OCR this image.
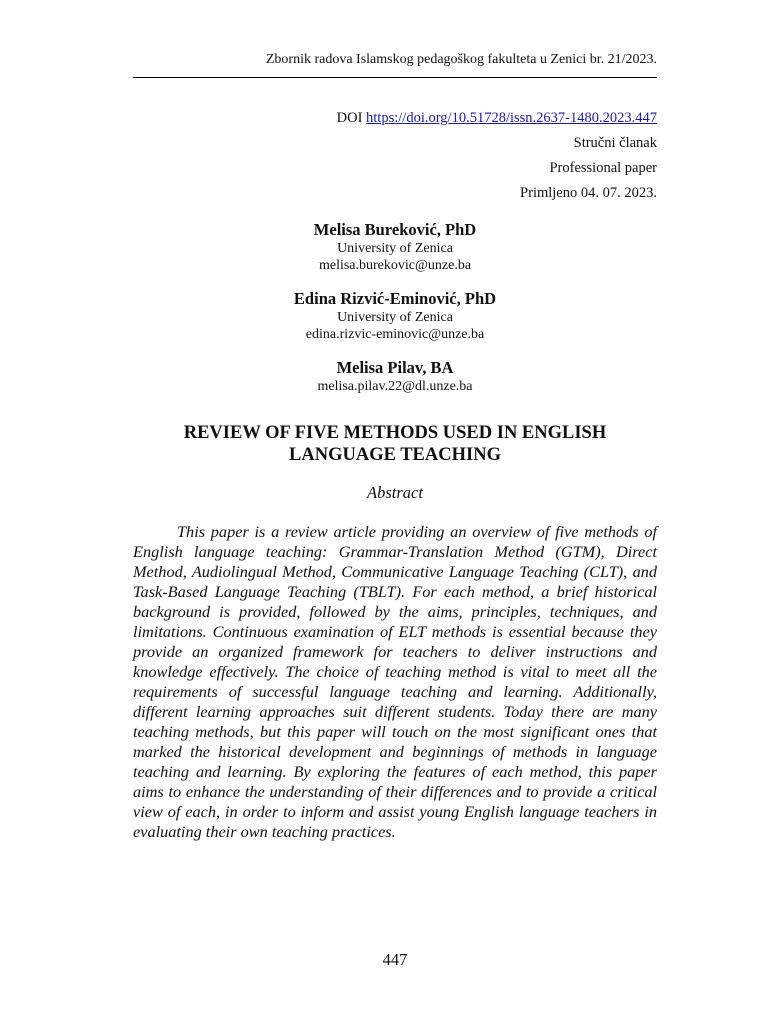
Zbornik radova Islamskog pedagoškog fakulteta u Zenici br. 21/2023.
DOI https://doi.org/10.51728/issn.2637-1480.2023.447
Stručni članak
Professional paper
Primljeno 04. 07. 2023.
Melisa Bureković, PhD
University of Zenica
melisa.burekovic@unze.ba
Edina Rizvić-Eminović, PhD
University of Zenica
edina.rizvic-eminovic@unze.ba
Melisa Pilav, BA
melisa.pilav.22@dl.unze.ba
REVIEW OF FIVE METHODS USED IN ENGLISH
LANGUAGE TEACHING
Abstract

This paper is a review article providing an overview of five methods of English language teaching: Grammar-Translation Method (GTM), Direct Method, Audiolingual Method, Communicative Language Teaching (CLT), and Task-Based Language Teaching (TBLT). For each method, a brief historical background is provided, followed by the aims, principles, techniques, and limitations. Continuous examination of ELT methods is essential because they provide an organized framework for teachers to deliver instructions and knowledge effectively. The choice of teaching method is vital to meet all the requirements of successful language teaching and learning. Additionally, different learning approaches suit different students. Today there are many teaching methods, but this paper will touch on the most significant ones that marked the historical development and beginnings of methods in language teaching and learning. By exploring the features of each method, this paper aims to enhance the understanding of their differences and to provide a critical view of each, in order to inform and assist young English language teachers in evaluating their own teaching practices.

447
